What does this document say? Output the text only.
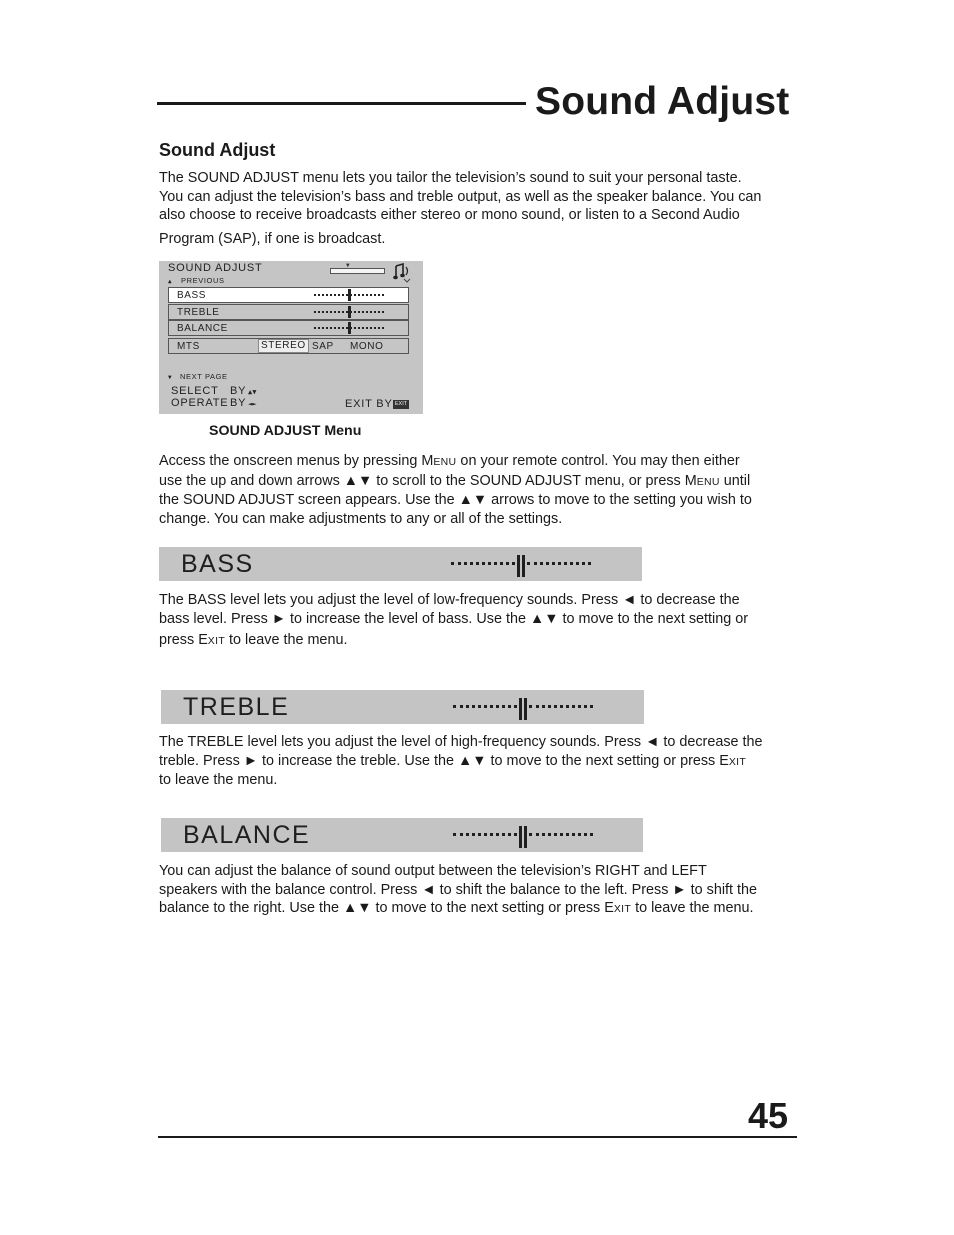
Sound Adjust
Sound Adjust

The SOUND ADJUST menu lets you tailor the television’s sound to suit your personal taste.

You can adjust the television’s bass and treble output, as well as the speaker balance. You can

also choose to receive broadcasts either stereo or mono sound, or listen to a Second Audio

Program (SAP), if one is broadcast.

SOUND ADJUST
▼
▲ PREVIOUS
BASS
TREBLE
BALANCE
MTS	STEREO SAP MONO
▼ NEXT PAGE
SELECT BY ▲▼
OPERATE BY ◄►	EXIT BY EXIT
SOUND ADJUST Menu

Access the onscreen menus by pressing MENU on your remote control. You may then either

use the up and down arrows ▲▼ to scroll to the SOUND ADJUST menu, or press MENU until

the SOUND ADJUST screen appears. Use the ▲▼ arrows to move to the setting you wish to

change. You can make adjustments to any or all of the settings.

BASS

The BASS level lets you adjust the level of low-frequency sounds. Press ◄ to decrease the

bass level. Press ► to increase the level of bass. Use the ▲▼ to move to the next setting or

press EXIT to leave the menu.

TREBLE

The TREBLE level lets you adjust the level of high-frequency sounds. Press ◄ to decrease the

treble. Press ► to increase the treble. Use the ▲▼ to move to the next setting or press EXIT

to leave the menu.

BALANCE

You can adjust the balance of sound output between the television’s RIGHT and LEFT

speakers with the balance control. Press ◄ to shift the balance to the left. Press ► to shift the

balance to the right. Use the ▲▼ to move to the next setting or press EXIT to leave the menu.

45
